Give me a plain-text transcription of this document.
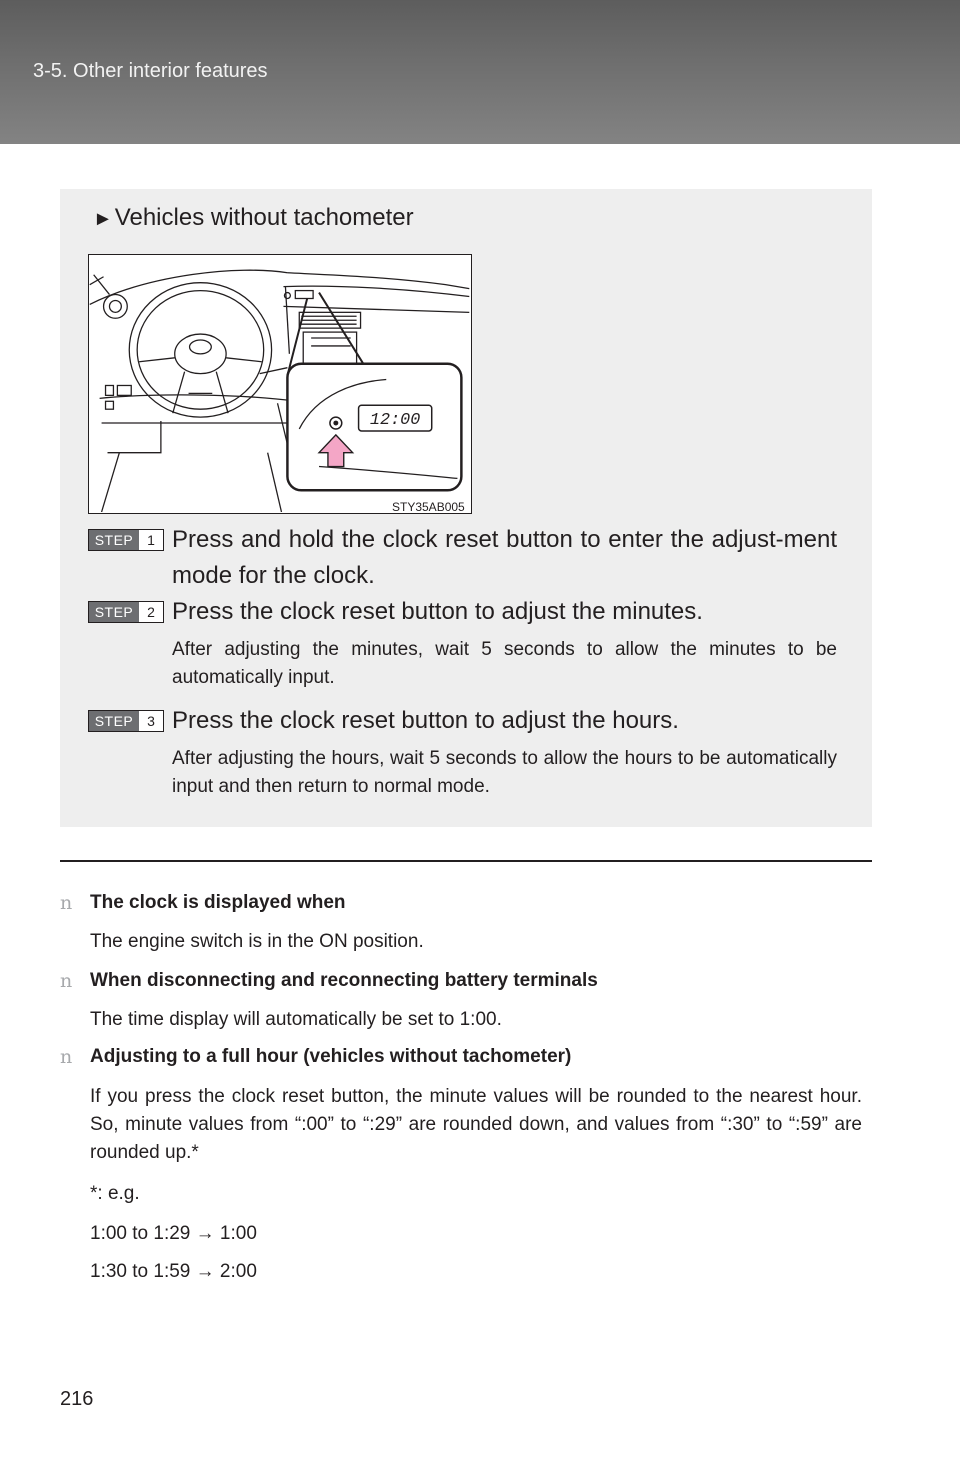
3-5. Other interior features
►Vehicles without tachometer
12:00
STY35AB005
STEP 1 Press and hold the clock reset button to enter the adjust-ment mode for the clock.
STEP 2 Press the clock reset button to adjust the minutes.
After adjusting the minutes, wait 5 seconds to allow the minutes to be automatically input.
STEP 3 Press the clock reset button to adjust the hours.
After adjusting the hours, wait 5 seconds to allow the hours to be automatically input and then return to normal mode.
n The clock is displayed when
The engine switch is in the ON position.
n When disconnecting and reconnecting battery terminals
The time display will automatically be set to 1:00.
n Adjusting to a full hour (vehicles without tachometer)
If you press the clock reset button, the minute values will be rounded to the nearest hour. So, minute values from “:00” to “:29” are rounded down, and values from “:30” to “:59” are rounded up.*
*: e.g.
1:00 to 1:29 → 1:00
1:30 to 1:59 → 2:00
216
